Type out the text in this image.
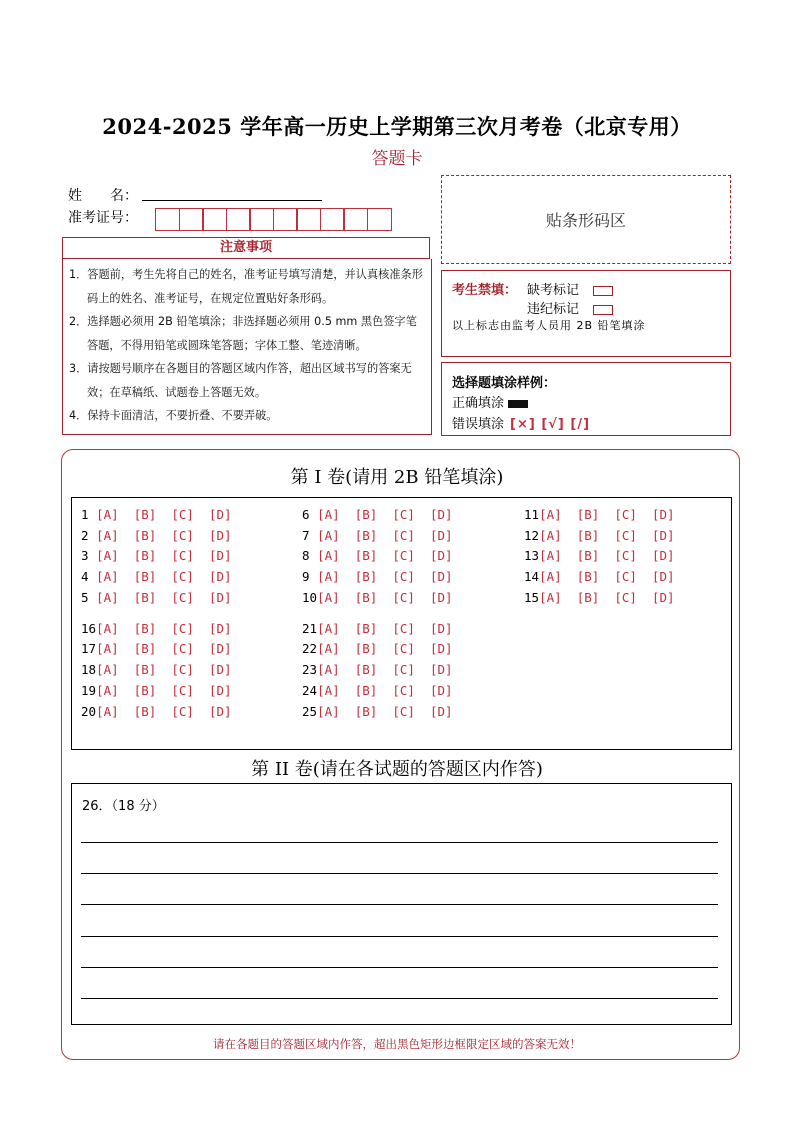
2024-2025 学年高一历史上学期第三次月考卷（北京专用）
答题卡
姓　　名：
准考证号：	贴条形码区
注意事项

1．答题前，考生先将自己的姓名，准考证号填写清楚，并认真核准条形码上的姓名、准考证号，在规定位置贴好条形码。

2．选择题必须用 2B 铅笔填涂；非选择题必须用 0.5 mm 黑色签字笔答题，不得用铅笔或圆珠笔答题；字体工整、笔迹清晰。

3．请按题号顺序在各题目的答题区域内作答，超出区域书写的答案无效；在草稿纸、试题卷上答题无效。

4．保持卡面清洁，不要折叠、不要弄破。

考生禁填： 缺考标记
违纪标记
以上标志由监考人员用 2B 铅笔填涂
选择题填涂样例：
正确填涂
错误填涂 [×] [√] [/]
第 I 卷(请用 2B 铅笔填涂)
1 [A]  [B]  [C]  [D]
2 [A]  [B]  [C]  [D]
3 [A]  [B]  [C]  [D]
4 [A]  [B]  [C]  [D]
5 [A]  [B]  [C]  [D]
6 [A]  [B]  [C]  [D]
7 [A]  [B]  [C]  [D]
8 [A]  [B]  [C]  [D]
9 [A]  [B]  [C]  [D]
10[A]  [B]  [C]  [D]
11[A]  [B]  [C]  [D]
12[A]  [B]  [C]  [D]
13[A]  [B]  [C]  [D]
14[A]  [B]  [C]  [D]
15[A]  [B]  [C]  [D]
16[A]  [B]  [C]  [D]
17[A]  [B]  [C]  [D]
18[A]  [B]  [C]  [D]
19[A]  [B]  [C]  [D]
20[A]  [B]  [C]  [D]
21[A]  [B]  [C]  [D]
22[A]  [B]  [C]  [D]
23[A]  [B]  [C]  [D]
24[A]  [B]  [C]  [D]
25[A]  [B]  [C]  [D]
第 II 卷(请在各试题的答题区内作答)
26．（18 分）
请在各题目的答题区域内作答，超出黑色矩形边框限定区域的答案无效！
